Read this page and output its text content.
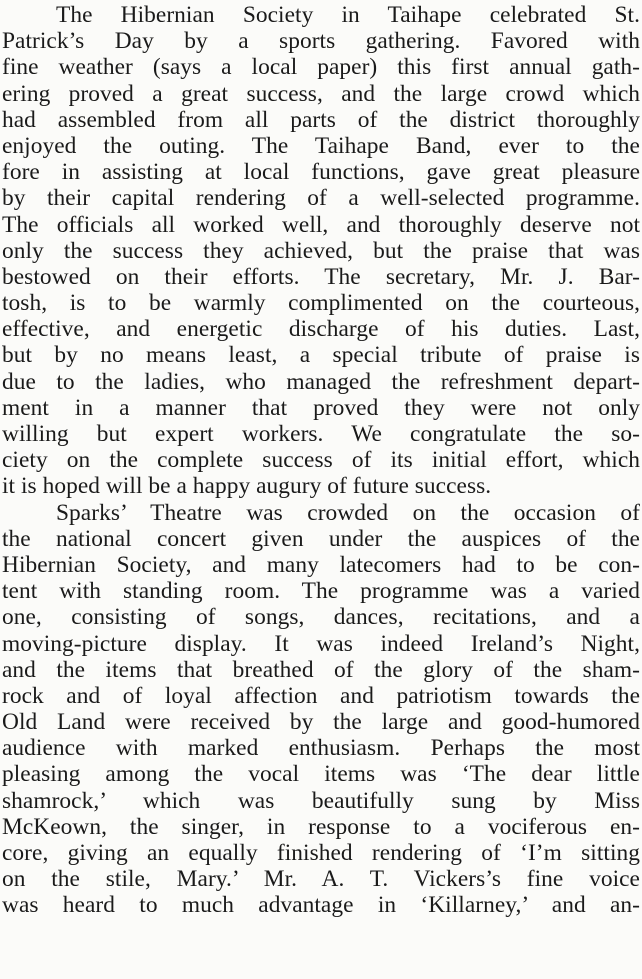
The Hibernian Society in Taihape celebrated St.
Patrick’s Day by a sports gathering. Favored with
fine weather (says a local paper) this first annual gath-
ering proved a great success, and the large crowd which
had assembled from all parts of the district thoroughly
enjoyed the outing. The Taihape Band, ever to the
fore in assisting at local functions, gave great pleasure
by their capital rendering of a well-selected programme.
The officials all worked well, and thoroughly deserve not
only the success they achieved, but the praise that was
bestowed on their efforts. The secretary, Mr. J. Bar-
tosh, is to be warmly complimented on the courteous,
effective, and energetic discharge of his duties. Last,
but by no means least, a special tribute of praise is
due to the ladies, who managed the refreshment depart-
ment in a manner that proved they were not only
willing but expert workers. We congratulate the so-
ciety on the complete success of its initial effort, which
it is hoped will be a happy augury of future success.
Sparks’ Theatre was crowded on the occasion of
the national concert given under the auspices of the
Hibernian Society, and many latecomers had to be con-
tent with standing room. The programme was a varied
one, consisting of songs, dances, recitations, and a
moving-picture display. It was indeed Ireland’s Night,
and the items that breathed of the glory of the sham-
rock and of loyal affection and patriotism towards the
Old Land were received by the large and good-humored
audience with marked enthusiasm. Perhaps the most
pleasing among the vocal items was ‘The dear little
shamrock,’ which was beautifully sung by Miss
McKeown, the singer, in response to a vociferous en-
core, giving an equally finished rendering of ‘I’m sitting
on the stile, Mary.’ Mr. A. T. Vickers’s fine voice
was heard to much advantage in ‘Killarney,’ and an-
